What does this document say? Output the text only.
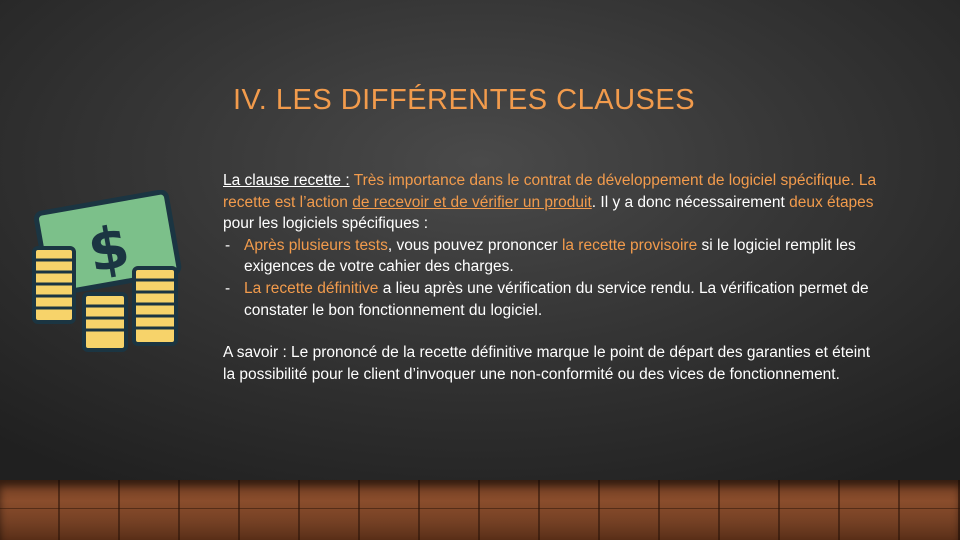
IV. LES DIFFÉRENTES CLAUSES
$

La clause recette : Très importance dans le contrat de développement de logiciel spécifique. La recette est l’action de recevoir et de vérifier un produit. Il y a donc nécessairement deux étapes pour les logiciels spécifiques :

- Après plusieurs tests, vous pouvez prononcer la recette provisoire si le logiciel remplit les exigences de votre cahier des charges.

- La recette définitive a lieu après une vérification du service rendu. La vérification permet de constater le bon fonctionnement du logiciel.

A savoir : Le prononcé de la recette définitive marque le point de départ des garanties et éteint la possibilité pour le client d’invoquer une non-conformité ou des vices de fonctionnement.
